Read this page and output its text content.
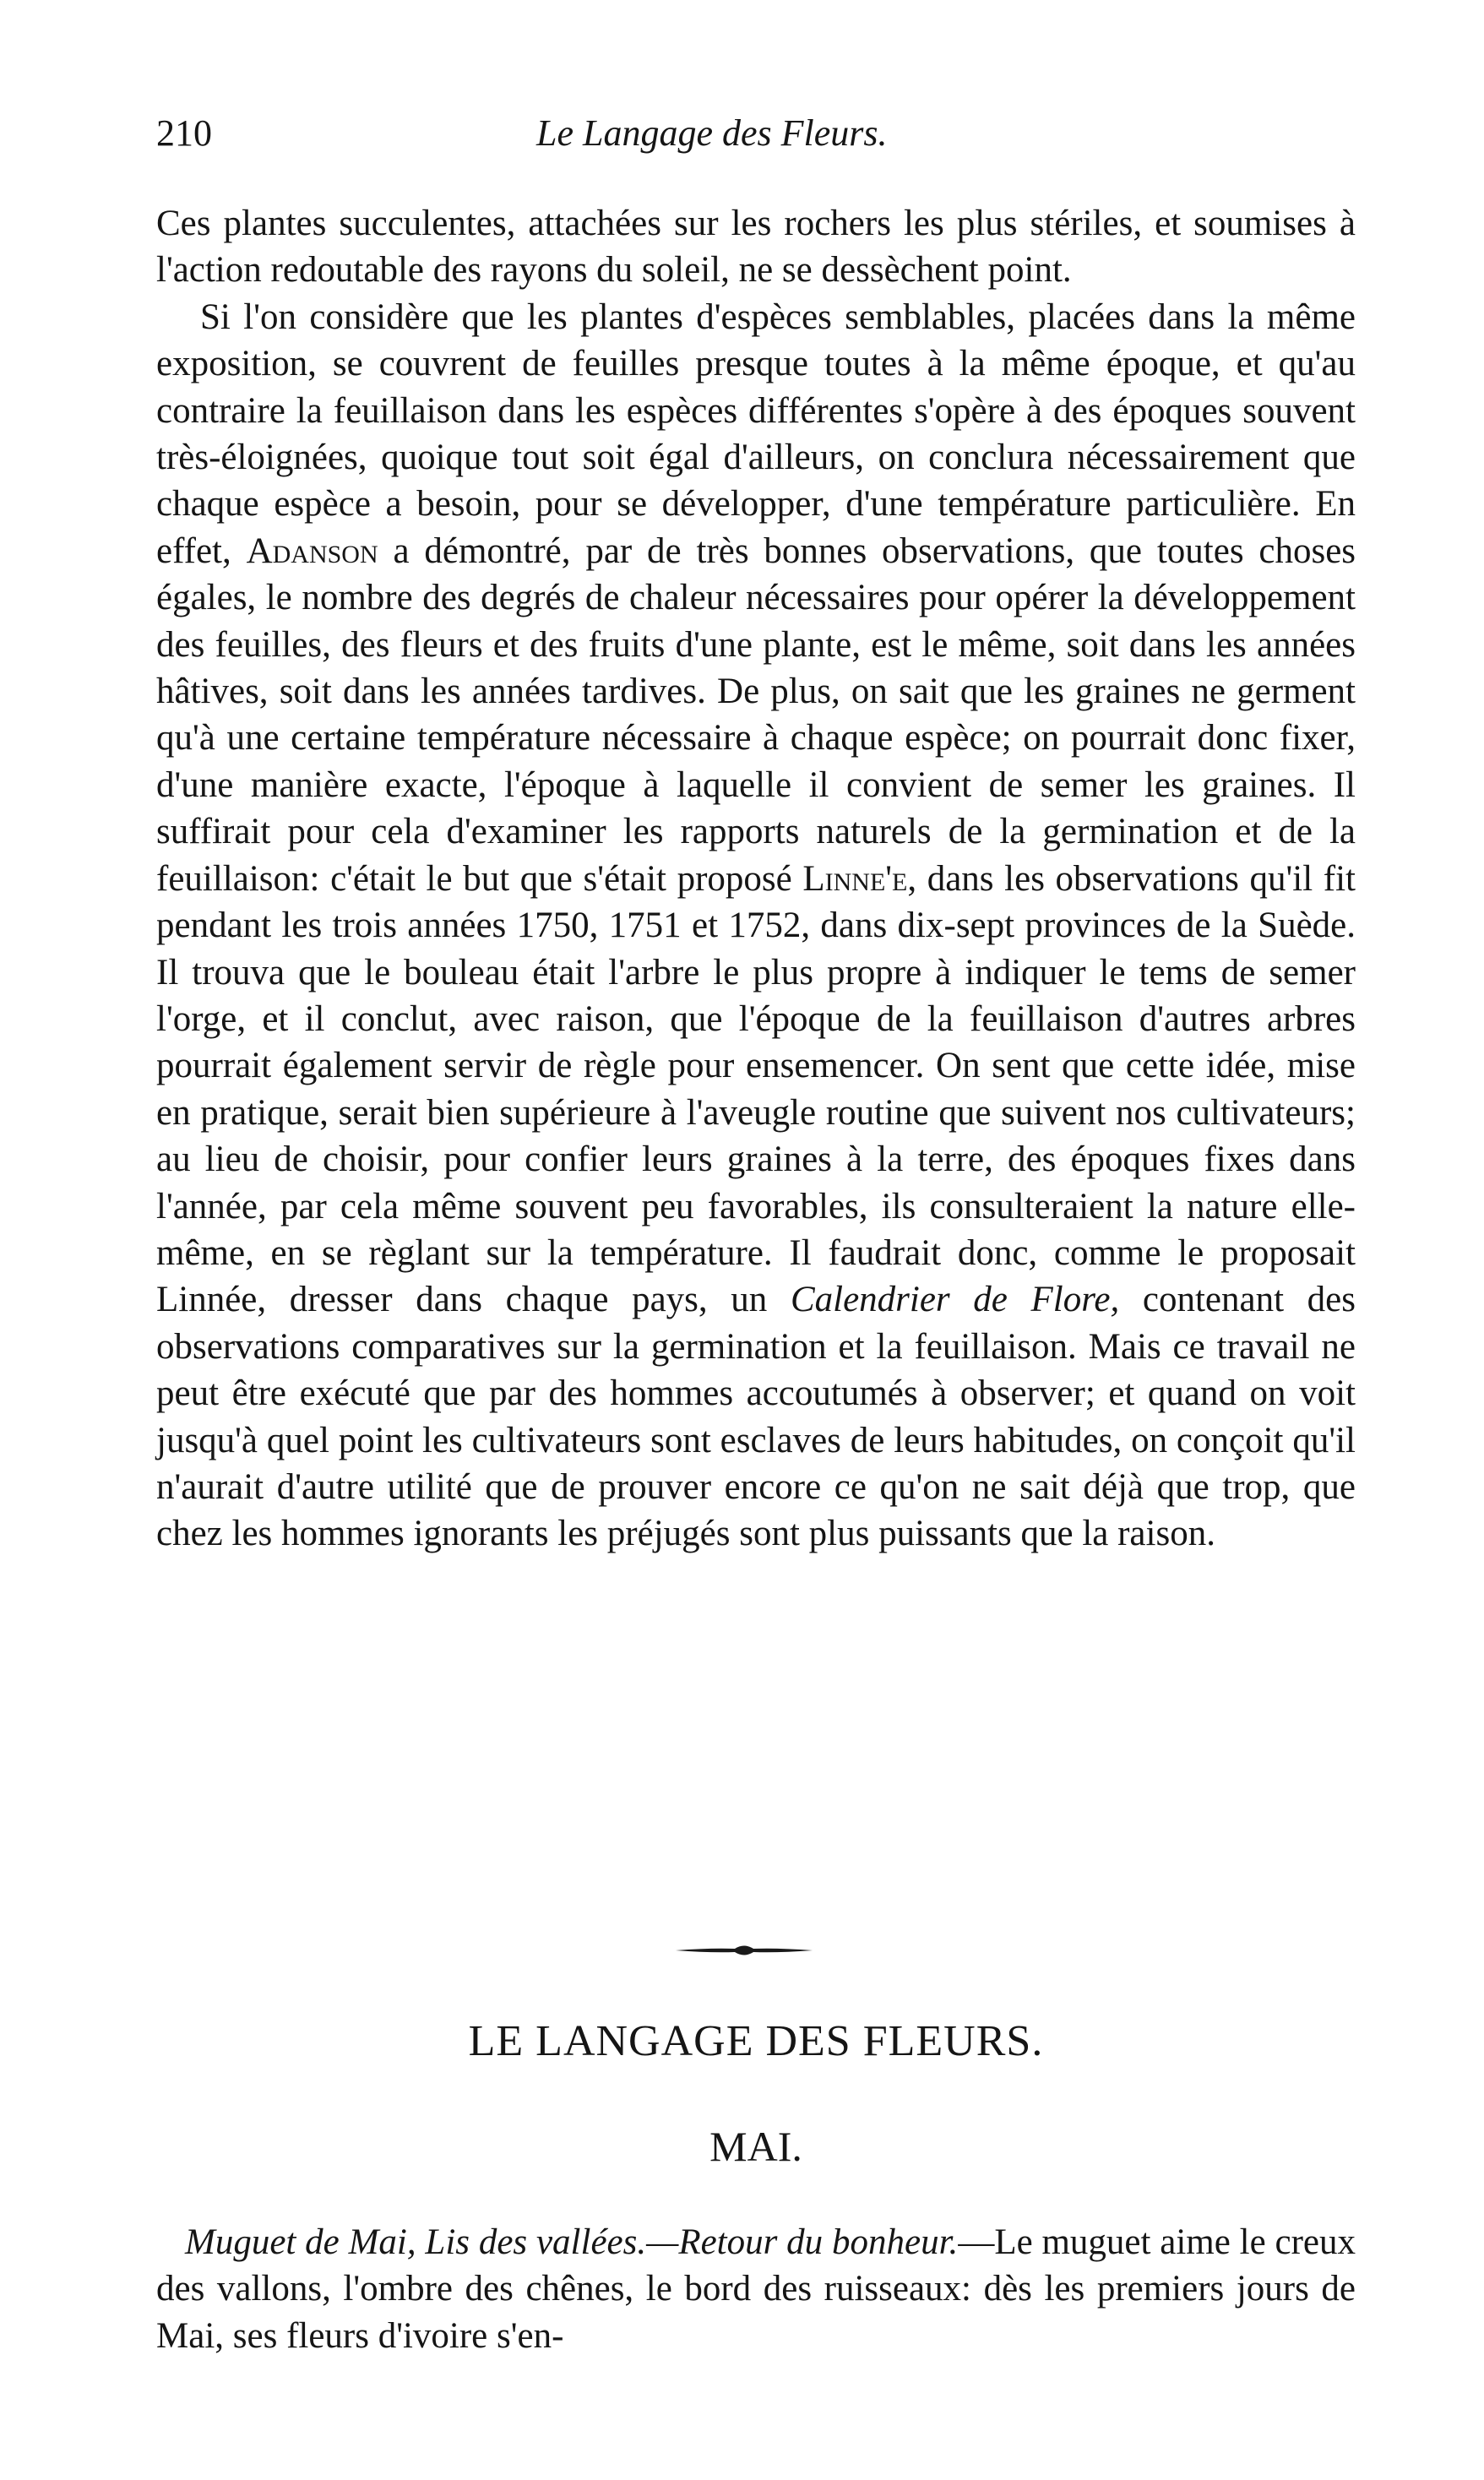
210	Le Langage des Fleurs.

Ces plantes succulentes, attachées sur les rochers les plus stériles, et soumises à l'action redoutable des rayons du soleil, ne se dessèchent point.

Si l'on considère que les plantes d'espèces semblables, placées dans la même exposition, se couvrent de feuilles presque toutes à la même époque, et qu'au contraire la feuillaison dans les espèces différentes s'opère à des époques souvent très-éloignées, quoique tout soit égal d'ailleurs, on conclura nécessairement que chaque espèce a besoin, pour se développer, d'une température particulière. En effet, Adanson a démontré, par de très bonnes observations, que toutes choses égales, le nombre des degrés de chaleur nécessaires pour opérer la développement des feuilles, des fleurs et des fruits d'une plante, est le même, soit dans les années hâtives, soit dans les années tardives. De plus, on sait que les graines ne germent qu'à une certaine température nécessaire à chaque espèce; on pourrait donc fixer, d'une manière exacte, l'époque à laquelle il convient de semer les graines. Il suffirait pour cela d'examiner les rapports naturels de la germination et de la feuillaison: c'était le but que s'était proposé Linne'e, dans les observations qu'il fit pendant les trois années 1750, 1751 et 1752, dans dix-sept provinces de la Suède. Il trouva que le bouleau était l'arbre le plus propre à indiquer le tems de semer l'orge, et il conclut, avec raison, que l'époque de la feuillaison d'autres arbres pourrait également servir de règle pour ensemencer. On sent que cette idée, mise en pratique, serait bien supérieure à l'aveugle routine que suivent nos cultivateurs; au lieu de choisir, pour confier leurs graines à la terre, des époques fixes dans l'année, par cela même souvent peu favorables, ils consulteraient la nature elle-même, en se règlant sur la température. Il faudrait donc, comme le proposait Linnée, dresser dans chaque pays, un Calendrier de Flore, contenant des observations comparatives sur la germination et la feuillaison. Mais ce travail ne peut être exécuté que par des hommes accoutumés à observer; et quand on voit jusqu'à quel point les cultivateurs sont esclaves de leurs habitudes, on conçoit qu'il n'aurait d'autre utilité que de prouver encore ce qu'on ne sait déjà que trop, que chez les hommes ignorants les préjugés sont plus puissants que la raison.

LE LANGAGE DES FLEURS.
MAI.

Muguet de Mai, Lis des vallées.—Retour du bonheur.—Le muguet aime le creux des vallons, l'ombre des chênes, le bord des ruisseaux: dès les premiers jours de Mai, ses fleurs d'ivoire s'en-
